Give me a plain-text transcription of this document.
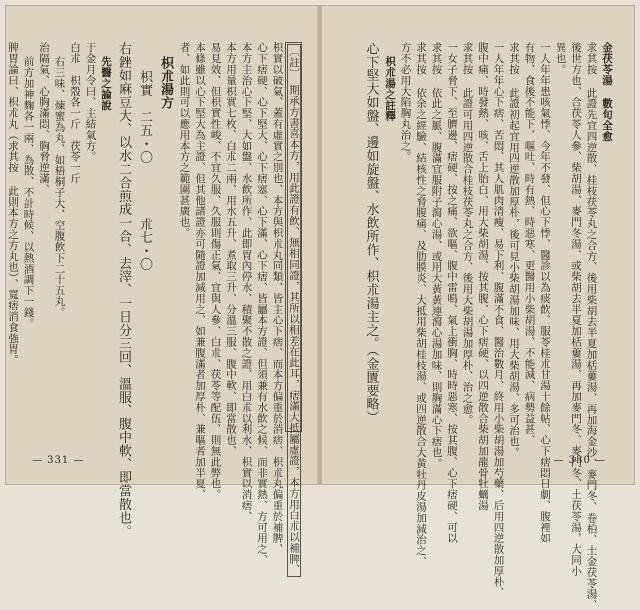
〔註〕　期承方書喜本方，用此證有飲、無相同證，其所以相差在此耳，痞滿大抵屬虛證，本方用白朮以補脾、
枳實以破氣、蓋有虛實之別也、本方與枳朮丸同類、皆主心下痞、而本方偏重於消痞、枳朮丸偏重於補脾、
心下痞硬、心下堅大、心下痞塞、心下滿、心下痞、皆屬本方證、但須兼有水飲之候、而非實熱、方可用之、
本方主治心下堅、大如盤、水飲所作、此即胃內停水、積聚不散之證、用白朮以利水、枳實以消痞、
本方用量枳實七枚、白朮二兩、用水五升、煮取三升、分溫三服、腹中軟、即當散也、
易見效、但枳實性峻、不宜久服、久服則傷正氣、宜與人參、白朮、茯苓等配伍、則無此弊也。
本條雖以心下堅大為主證、但其他諸證亦可隨證加減用之、如兼腹滿者加厚朴、兼嘔者加半夏、
者、如此則可以應用本方之範圍甚廣也。
枳朮湯方
枳實　二五・〇　　　　朮七・〇
右銼如麻豆大、以水二合煎成一合、去滓、一日分三回、溫服、腹中軟、即當散也。
先醫之論說
于金月令曰、主結氣方。
白朮　枳殼各一斤　茯苓一斤
右三味、煉蜜為丸、如梧桐子大、空腹飲下二十五丸。
治隔氣、心胸滿悶、胸脅逆滿、
前方加神麴各一兩、為散、不計時候、以熱酒調下一錢。
脾胃論曰、枳朮丸（求其按 此則本方之方丸也）、寬痞消食強胃。
— 331 —
金茯苓湯 數旬全愈
求其按 此證先宜四逆散、桂枝茯苓丸之合方、後用柴胡去半夏加栝蔞湯、再加海金沙、麥門冬、卷柏、土金茯苓湯、
後世方也、合茯苓人參、柴胡湯、麥門冬湯、或柴胡去半夏加栝蔞湯、再加麥門冬、麥門冬、土茯苓湯，大同小
異也。
一人年年患咳氣悸、今年不發、但心下悸、醫診以為痰飲、服苓桂朮甘湯十餘帖、心下痞悶日劇、腹裡如
有物、食後不能下、嘔吐、時有熱、時惡寒、更醫用小柴胡湯、不能減、病勢益甚、
求其按 此證初起宜用四逆散加厚朴，後可見小柴胡湯加味、用大柴胡湯、多可治也。
一人年年心下痞、苦悶、其人肌肉清瘦、易下利、腹滿不食、醫治數月、終用小柴胡湯加芍藥、后用四逆散加厚朴、
腹中痛、時發熱、咳、舌上胎白、用大柴胡湯、按其腹、心下痞硬、以四逆散合柴胡加龍骨牡蠣湯
求其按 此證可用四逆散合桂枝茯苓丸之合方、後用大柴胡湯加厚朴、治之愈。
一女子脅下、至臍邊、痞硬、按之痛、欲嘔、腹中雷鳴、氣上衝胸、時時惡寒、按其腹、心下痞硬、可以
求其按 依此之脈、腹滿宜服附子瀉心湯、或用大黃黃連瀉心湯加味、則胸滿心下痞也。
求其按 依余之經驗、結核性之脅腹痛、及肋膜炎、大抵用柴胡桂枝湯、或四逆散合大黃牡丹皮湯加減治之、
方不必用大陷胸丸治之。
枳朮湯之註釋
心下堅大如盤、邊如旋盤、水飲所作、枳朮湯主之。（金匱要略）
— 330 —
